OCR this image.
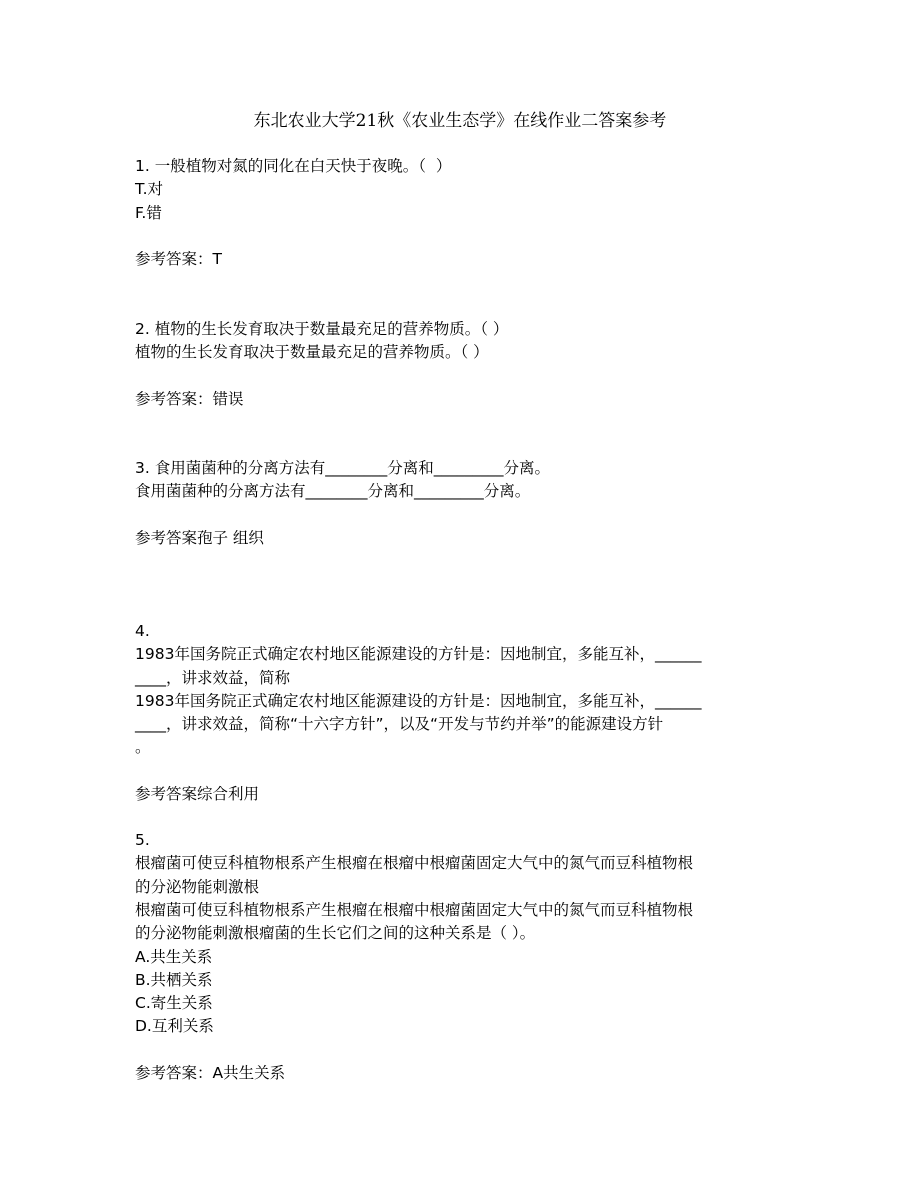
东北农业大学21秋《农业生态学》在线作业二答案参考
1. 一般植物对氮的同化在白天快于夜晚。（  ）
T.对
F.错
参考答案：T
2. 植物的生长发育取决于数量最充足的营养物质。（ ）
植物的生长发育取决于数量最充足的营养物质。（ ）
参考答案：错误
3. 食用菌菌种的分离方法有________分离和_________分离。
食用菌菌种的分离方法有________分离和_________分离。
参考答案孢子 组织
4.
1983年国务院正式确定农村地区能源建设的方针是：因地制宜，多能互补，______
____，讲求效益，简称
1983年国务院正式确定农村地区能源建设的方针是：因地制宜，多能互补，______
____，讲求效益，简称“十六字方针”，以及“开发与节约并举”的能源建设方针
。
参考答案综合利用
5.
根瘤菌可使豆科植物根系产生根瘤在根瘤中根瘤菌固定大气中的氮气而豆科植物根
的分泌物能刺激根
根瘤菌可使豆科植物根系产生根瘤在根瘤中根瘤菌固定大气中的氮气而豆科植物根
的分泌物能刺激根瘤菌的生长它们之间的这种关系是（ ）。
A.共生关系
B.共栖关系
C.寄生关系
D.互利关系
参考答案：A共生关系
